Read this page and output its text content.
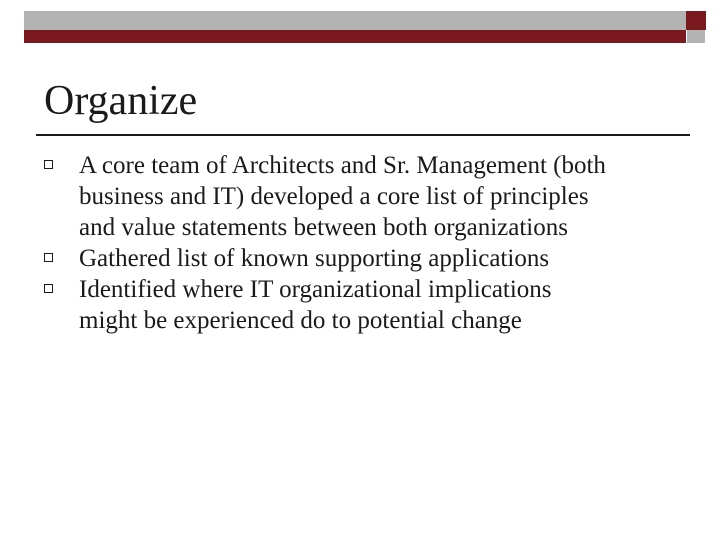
Organize
A core team of Architects and Sr. Management (both
business and IT) developed a core list of principles
and value statements between both organizations
Gathered list of known supporting applications
Identified where IT organizational implications
might be experienced do to potential change
